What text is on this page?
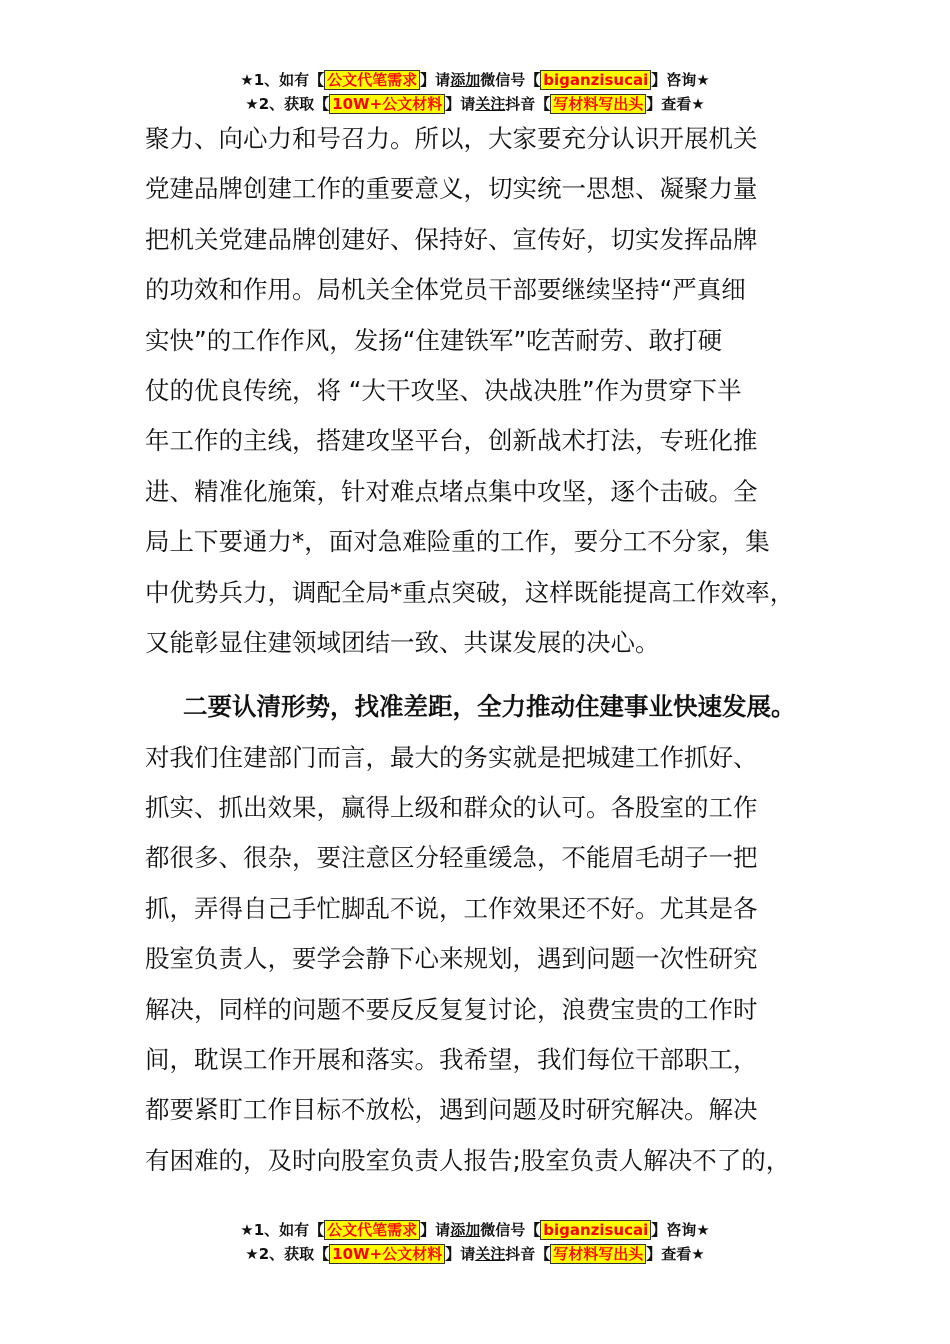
★1、如有【 公文代笔需求 】请添加微信号【 biganzisucai 】咨询★
★2、获取【 10W+公文材料 】请关注抖音【 写材料写出头 】查看★
聚力、向心力和号召力。所以，大家要充分认识开展机关
党建品牌创建工作的重要意义，切实统一思想、凝聚力量
把机关党建品牌创建好、保持好、宣传好，切实发挥品牌
的功效和作用。局机关全体党员干部要继续坚持“严真细
实快”的工作作风，发扬“住建铁军”吃苦耐劳、敢打硬
仗的优良传统，将 “大干攻坚、决战决胜”作为贯穿下半
年工作的主线，搭建攻坚平台，创新战术打法，专班化推
进、精准化施策，针对难点堵点集中攻坚，逐个击破。全
局上下要通力*，面对急难险重的工作，要分工不分家，集
中优势兵力，调配全局*重点突破，这样既能提高工作效率，
又能彰显住建领域团结一致、共谋发展的决心。
二要认清形势，找准差距，全力推动住建事业快速发展。
对我们住建部门而言，最大的务实就是把城建工作抓好、
抓实、抓出效果，赢得上级和群众的认可。各股室的工作
都很多、很杂，要注意区分轻重缓急，不能眉毛胡子一把
抓，弄得自己手忙脚乱不说，工作效果还不好。尤其是各
股室负责人，要学会静下心来规划，遇到问题一次性研究
解决，同样的问题不要反反复复讨论，浪费宝贵的工作时
间，耽误工作开展和落实。我希望，我们每位干部职工，
都要紧盯工作目标不放松，遇到问题及时研究解决。解决
有困难的，及时向股室负责人报告;股室负责人解决不了的，
★1、如有【 公文代笔需求 】请添加微信号【 biganzisucai 】咨询★
★2、获取【 10W+公文材料 】请关注抖音【 写材料写出头 】查看★
